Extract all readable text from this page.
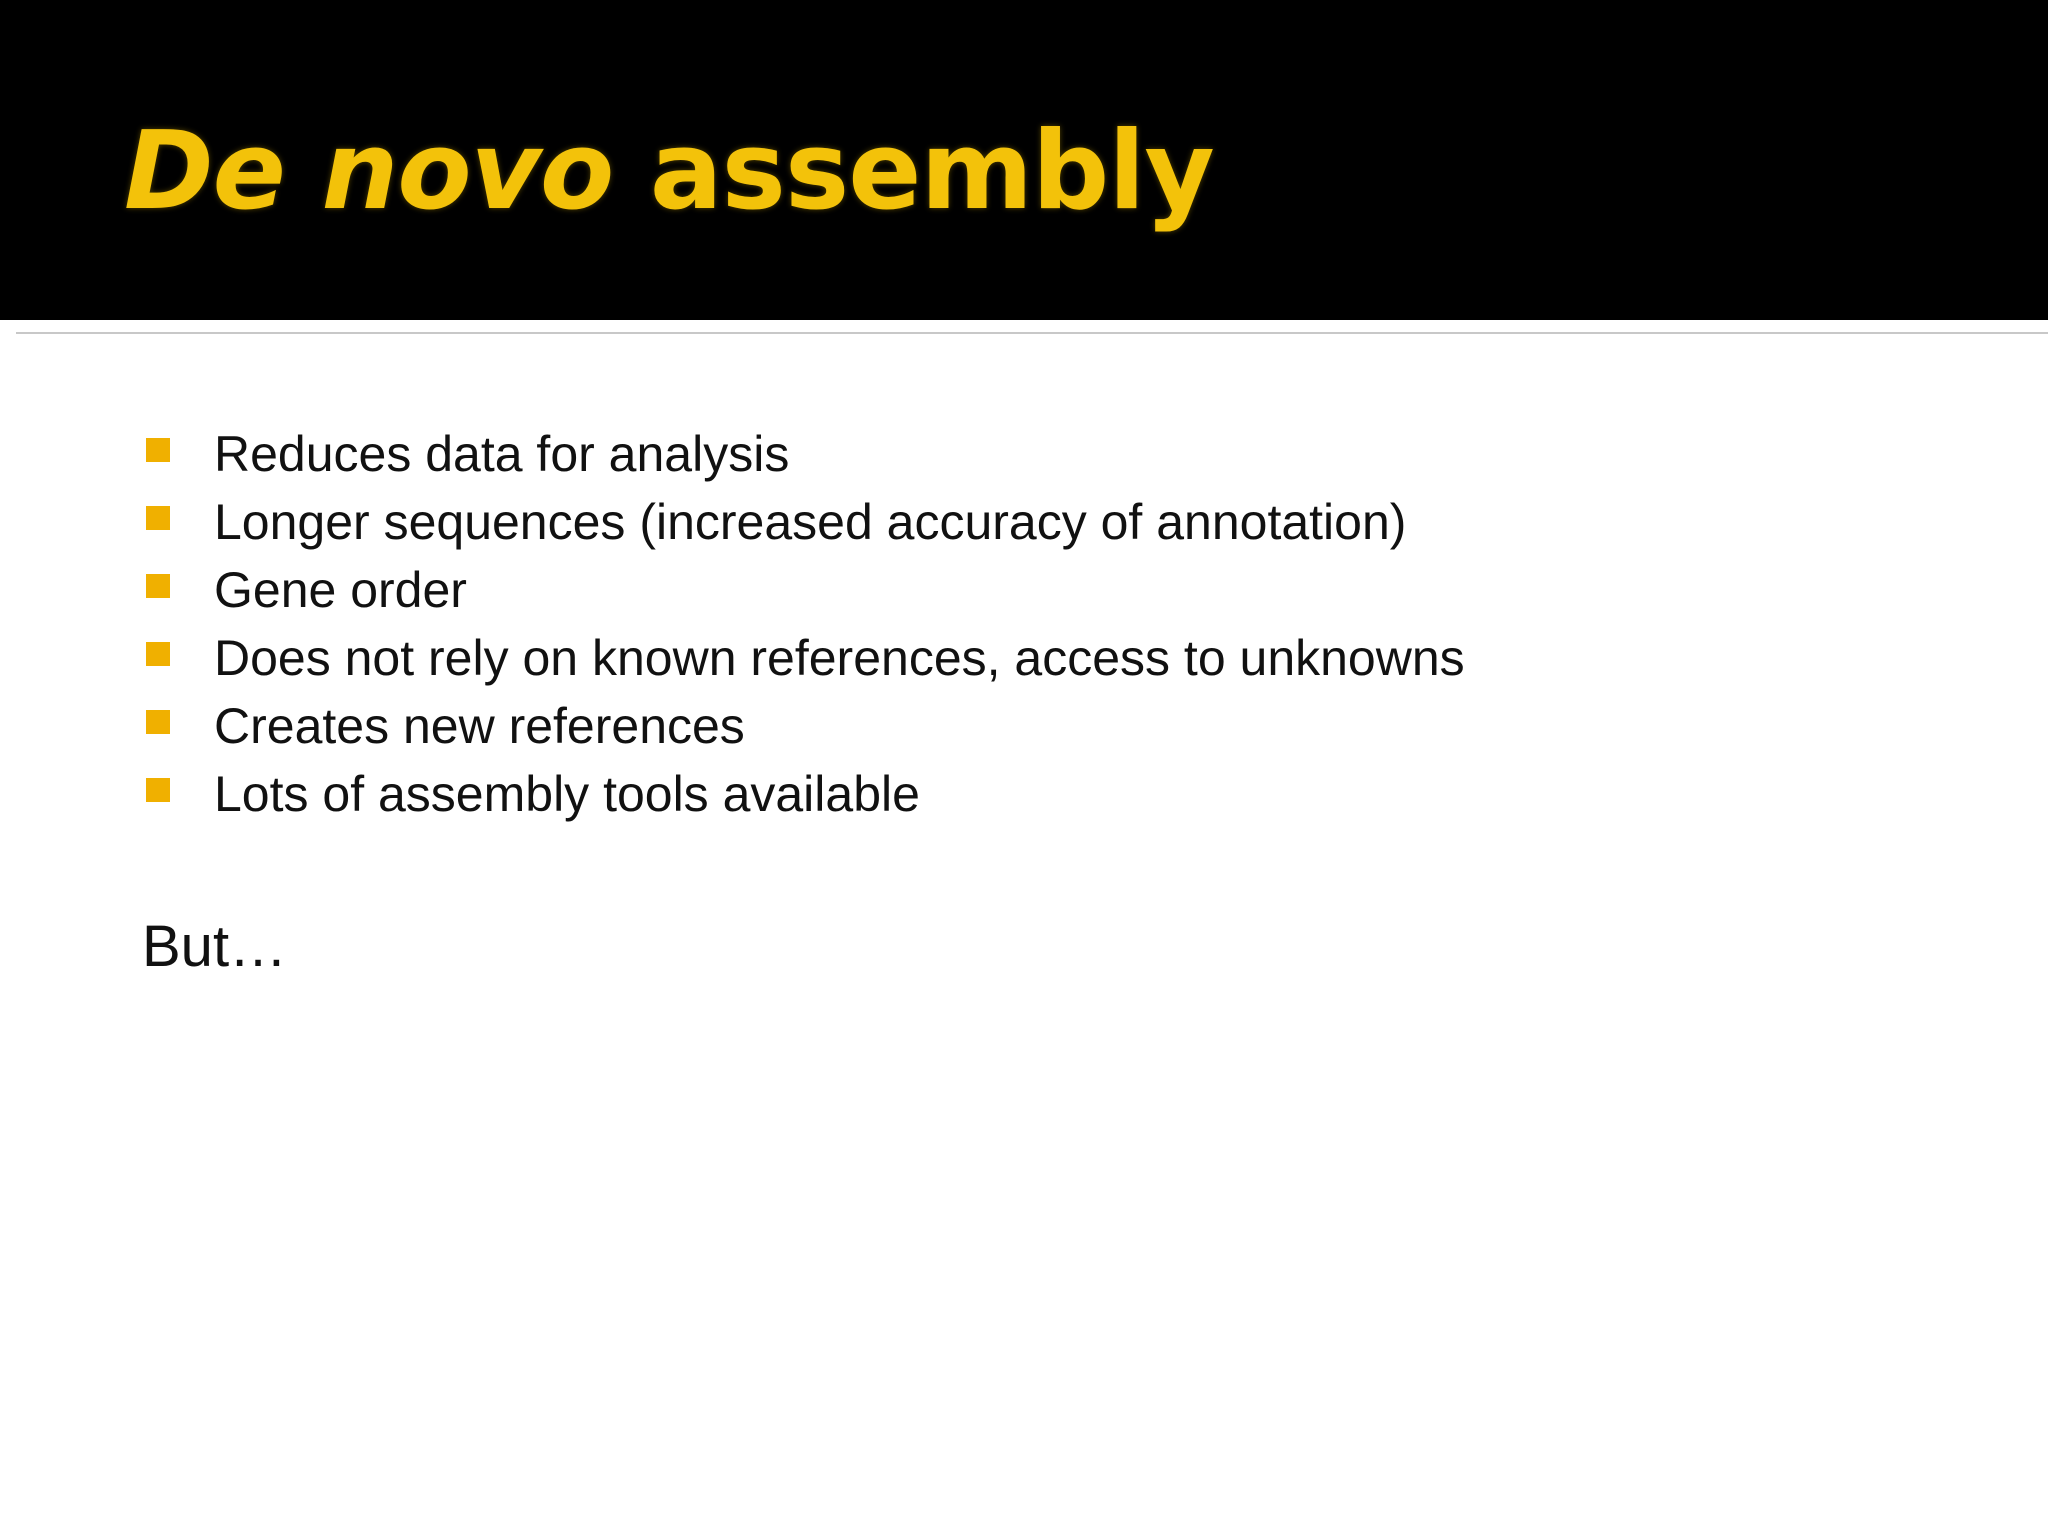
De novo assembly
Reduces data for analysis
Longer sequences (increased accuracy of annotation)
Gene order
Does not rely on known references, access to unknowns
Creates new references
Lots of assembly tools available

But…
